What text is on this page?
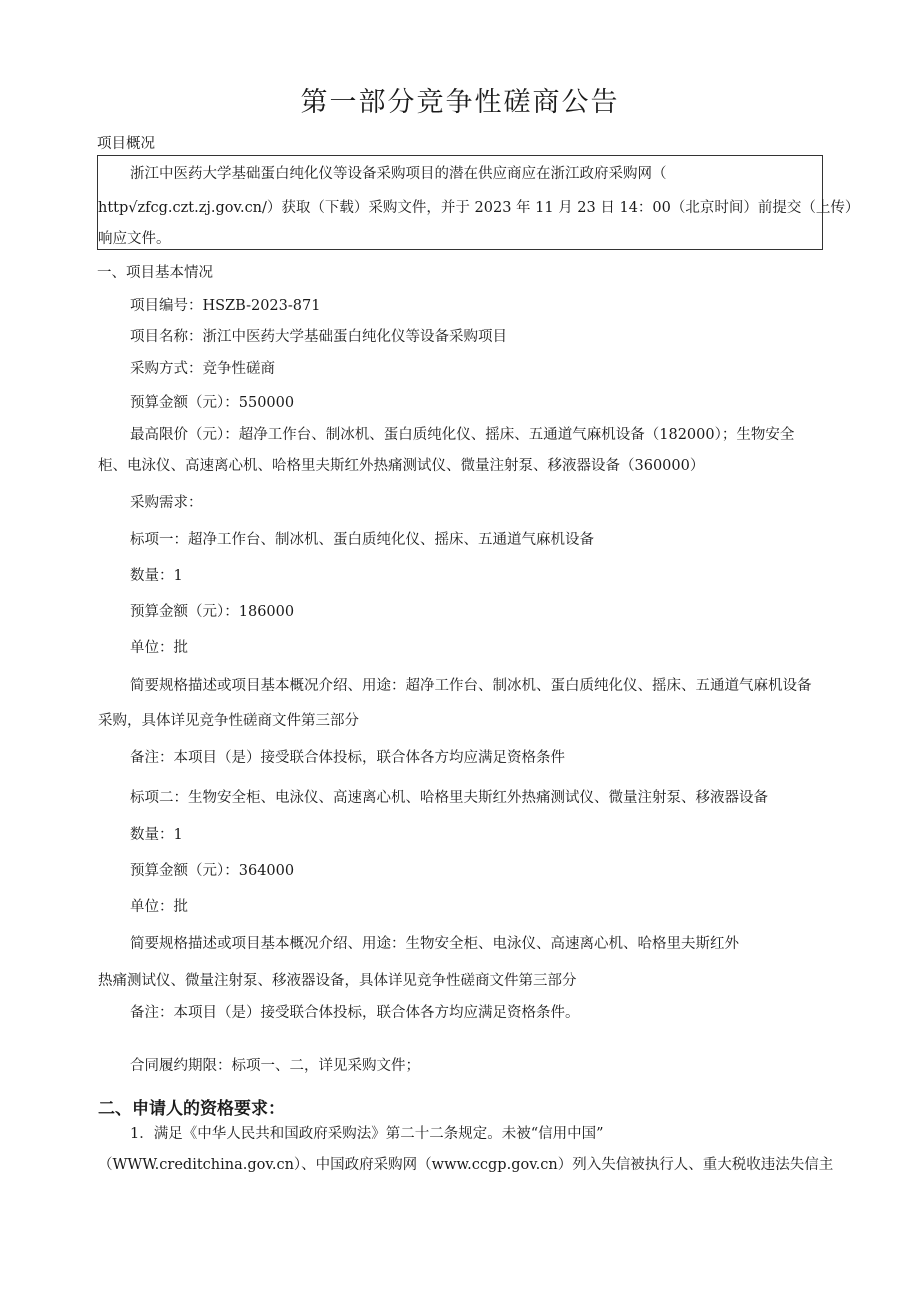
第一部分竞争性磋商公告
项目概况
浙江中医药大学基础蛋白纯化仪等设备采购项目的潜在供应商应在浙江政府采购网（
http√zfcg.czt.zj.gov.cn/）获取（下载）采购文件，并于 2023 年 11 月 23 日 14：00（北京时间）前提交（上传）
响应文件。
一、项目基本情况
项目编号：HSZB-2023-871
项目名称：浙江中医药大学基础蛋白纯化仪等设备采购项目
采购方式：竞争性磋商
预算金额（元）：550000
最高限价（元）：超净工作台、制冰机、蛋白质纯化仪、摇床、五通道气麻机设备（182000）；生物安全
柜、电泳仪、高速离心机、哈格里夫斯红外热痛测试仪、微量注射泵、移液器设备（360000）
采购需求：
标项一：超净工作台、制冰机、蛋白质纯化仪、摇床、五通道气麻机设备
数量：1
预算金额（元）：186000
单位：批
简要规格描述或项目基本概况介绍、用途：超净工作台、制冰机、蛋白质纯化仪、摇床、五通道气麻机设备
采购，具体详见竞争性磋商文件第三部分
备注：本项目（是）接受联合体投标，联合体各方均应满足资格条件
标项二：生物安全柜、电泳仪、高速离心机、哈格里夫斯红外热痛测试仪、微量注射泵、移液器设备
数量：1
预算金额（元）：364000
单位：批
简要规格描述或项目基本概况介绍、用途：生物安全柜、电泳仪、高速离心机、哈格里夫斯红外
热痛测试仪、微量注射泵、移液器设备，具体详见竞争性磋商文件第三部分
备注：本项目（是）接受联合体投标，联合体各方均应满足资格条件。
合同履约期限：标项一、二，详见采购文件；
二、申请人的资格要求：
1．满足《中华人民共和国政府采购法》第二十二条规定。未被“信用中国”
（WWW.creditchina.gov.cn）、中国政府采购网（www.ccgp.gov.cn）列入失信被执行人、重大税收违法失信主
